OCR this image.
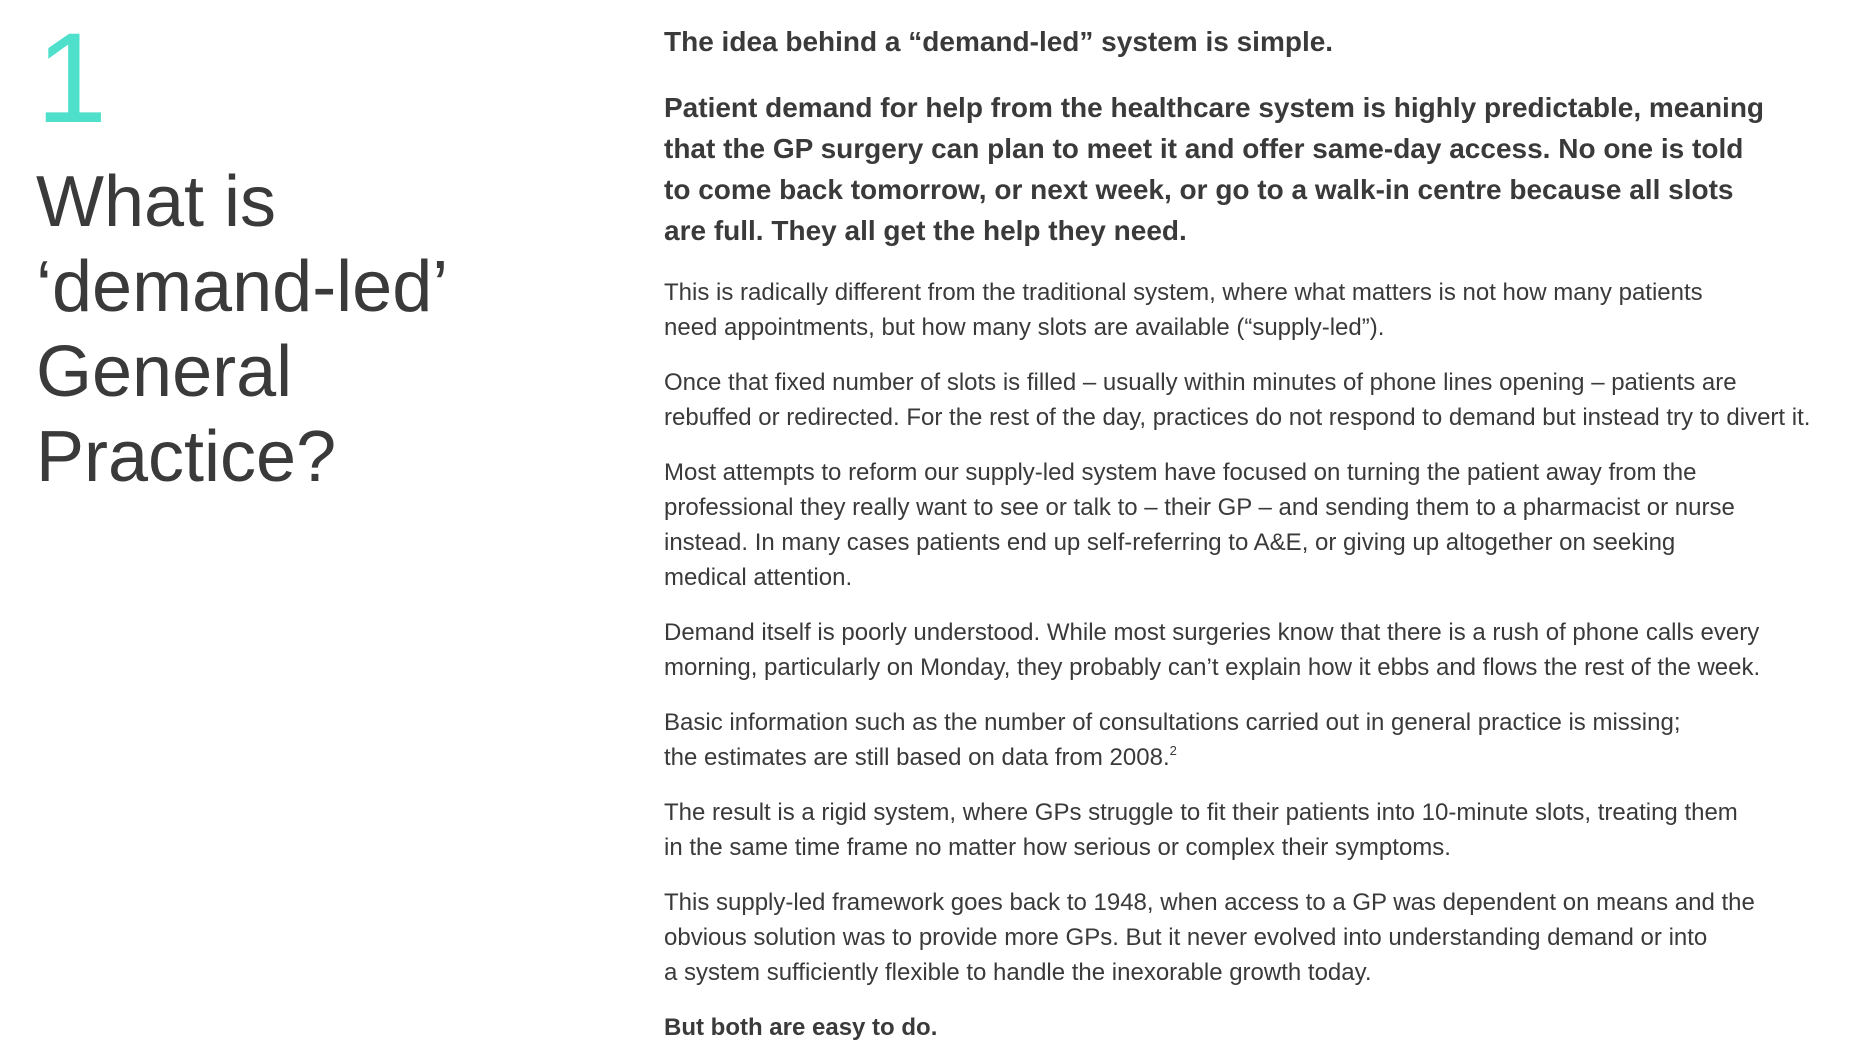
1
What is
‘demand-led’
General
Practice?

The idea behind a “demand-led” system is simple.

Patient demand for help from the healthcare system is highly predictable, meaning
that the GP surgery can plan to meet it and offer same-day access. No one is told
to come back tomorrow, or next week, or go to a walk-in centre because all slots
are full. They all get the help they need.

This is radically different from the traditional system, where what matters is not how many patients
need appointments, but how many slots are available (“supply-led”).

Once that fixed number of slots is filled – usually within minutes of phone lines opening – patients are
rebuffed or redirected. For the rest of the day, practices do not respond to demand but instead try to divert it.

Most attempts to reform our supply-led system have focused on turning the patient away from the
professional they really want to see or talk to – their GP – and sending them to a pharmacist or nurse
instead. In many cases patients end up self-referring to A&E, or giving up altogether on seeking
medical attention.

Demand itself is poorly understood. While most surgeries know that there is a rush of phone calls every
morning, particularly on Monday, they probably can’t explain how it ebbs and flows the rest of the week.

Basic information such as the number of consultations carried out in general practice is missing;
the estimates are still based on data from 2008.$^2$

The result is a rigid system, where GPs struggle to fit their patients into 10-minute slots, treating them
in the same time frame no matter how serious or complex their symptoms.

This supply-led framework goes back to 1948, when access to a GP was dependent on means and the
obvious solution was to provide more GPs. But it never evolved into understanding demand or into
a system sufficiently flexible to handle the inexorable growth today.

But both are easy to do.
